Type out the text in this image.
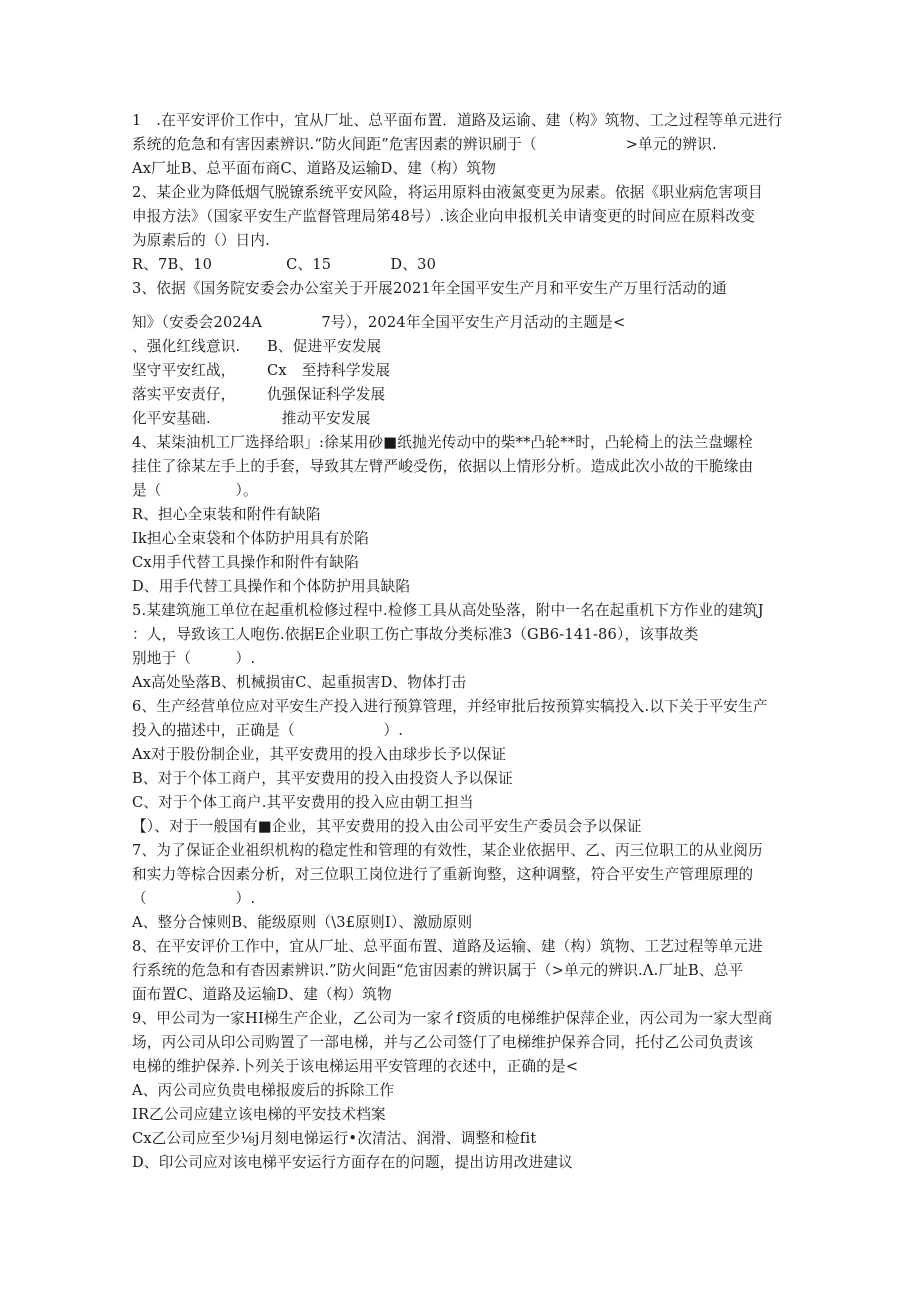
1　.在平安评价工作中，宜从厂址、总平面布置．道路及运谕、建（构》筑物、工之过程等单元进行
系统的危急和有害因素辨识.“防火间距”危害因素的辨识刷于（　　　　　　>单元的辨识.
Ax厂址B、总平面布商C、道路及运输D、建（构）筑物
2、某企业为降低烟气脱镣系统平安风险，将运用原料由液氮变更为尿素。依据《职业病危害项目
申报方法》（国家平安生产监督管理局笫48号）.该企业向申报机关申请变更的时间应在原料改变
为原素后的（）日内.
R、7B、10　　　　　C、15　　　　D、30
3、依据《国务院安委会办公室关于开展2021年全国平安生产月和平安生产万里行活动的通
知》（安委会2024A　　　　7号），2024年全国平安生产月活动的主题是<
、强化红线意识.
坚守平安红战，
落实平安责仔，
化平安基础.
B、促进平安发展
Cx　至持科学发展
仇强保证科学发展
　推动平安发展
4、某柒油机工厂选择给职」:徐某用砂■纸抛光传动中的柴**凸轮**时，凸轮椅上的法兰盘螺栓
挂住了徐某左手上的手套，导致其左臂严峻受伤，依据以上情形分析。造成此次小故的干脆缘由
是（　　　　　）。
R、担心全束装和附件有缺陷
Ik担心全束袋和个体防护用具有於陷
Cx用手代替工具操作和附件有缺陷
D、用手代替工具操作和个体防护用具缺陷
5.某建筑施工单位在起重机检修过程中.检修工具从高处坠落，附中一名在起重机下方作业的建筑J
：人，导致该工人咆伤.依据E企业职工伤亡事故分类标准3（GB6-141-86），该事故类
别地于（　　　）.
Ax高处坠落B、机械损宙C、起重损害D、物体打击
6、生产经营单位应对平安生产投入进行预算管理，并经审批后按预算实犒投入.以下关于平安生产
投入的描述中，正确是（　　　　　　）.
Ax对于股份制企业，其平安费用的投入由球步长予以保证
B、对于个体工商户，其平安费用的投入由投资人予以保证
C、对于个体工商户.其平安费用的投入应由朝工担当
【）、对于一般国有■企业，其平安费用的投入由公司平安生产委员会予以保证
7、为了保证企业祖织机构的稳定性和管理的有效性，某企业依据甲、乙、丙三位职工的从业阅历
和实力等棕合因素分析，对三位职工岗位进行了重新询整，这种调整，符合平安生产管理原理的
（　　　　　　）.
A、整分合悚则B、能级原则（\3£原则I）、激励原则
8、在平安评价工作中，宜从厂址、总平面布置、道路及运输、建（构）筑物、工艺过程等单元进
行系统的危急和有杳因素辨识.”防火间距“危宙因素的辨识属于（>单元的辨识.Λ.厂址B、总平
面布置C、道路及运输D、建（构）筑物
9、甲公司为一家HI梯生产企业，乙公司为一家彳f资质的电梯维护保萍企业，丙公司为一家大型商
场，丙公司从印公司购置了一部电梯，并与乙公司签仃了电梯维护保养合同，托付乙公司负责该
电梯的维护保养.卜列关于该电梯运用平安管理的衣述中，正确的是<
A、丙公司应负贵电梯报废后的拆除工作
IR乙公司应建立该电梯的平安技术档案
Cx乙公司应至少⅛j月刻电悌运行•次清沽、润滑、调整和检fit
D、印公司应对该电梯平安运行方面存在的问题，提出访用改进建议
